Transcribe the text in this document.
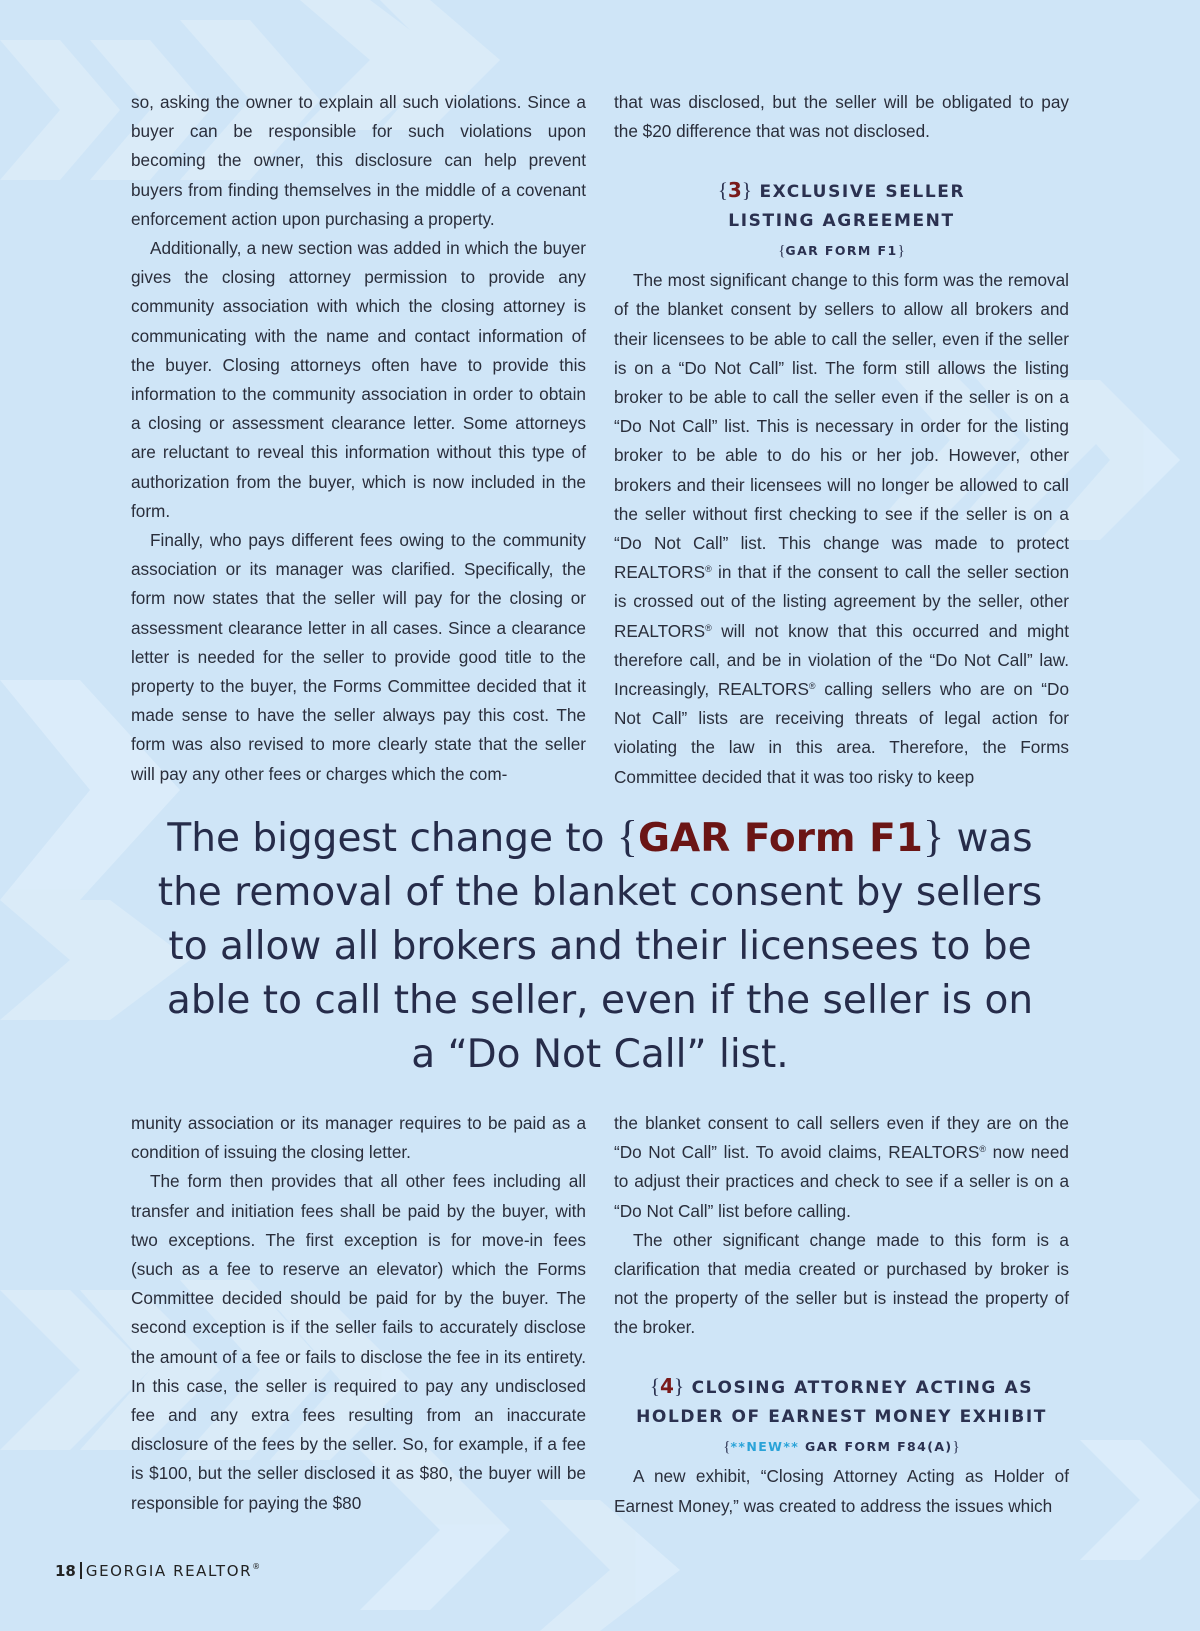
so, asking the owner to explain all such violations. Since a buyer can be responsible for such violations upon becoming the owner, this disclosure can help prevent buyers from finding themselves in the middle of a covenant enforcement action upon purchasing a property.

Additionally, a new section was added in which the buyer gives the closing attorney permission to provide any community association with which the closing attorney is communicating with the name and contact information of the buyer. Closing attorneys often have to provide this information to the community association in order to obtain a closing or assessment clearance letter. Some attorneys are reluctant to reveal this information without this type of authorization from the buyer, which is now included in the form.

Finally, who pays different fees owing to the community association or its manager was clarified. Specifically, the form now states that the seller will pay for the closing or assessment clearance letter in all cases. Since a clearance letter is needed for the seller to provide good title to the property to the buyer, the Forms Committee decided that it made sense to have the seller always pay this cost. The form was also revised to more clearly state that the seller will pay any other fees or charges which the com-

that was disclosed, but the seller will be obligated to pay the $20 difference that was not disclosed.

{3} EXCLUSIVE SELLER
LISTING AGREEMENT
{GAR FORM F1}

The most significant change to this form was the removal of the blanket consent by sellers to allow all brokers and their licensees to be able to call the seller, even if the seller is on a “Do Not Call” list. The form still allows the listing broker to be able to call the seller even if the seller is on a “Do Not Call” list. This is necessary in order for the listing broker to be able to do his or her job. However, other brokers and their licensees will no longer be allowed to call the seller without first checking to see if the seller is on a “Do Not Call” list. This change was made to protect REALTORS® in that if the consent to call the seller section is crossed out of the listing agreement by the seller, other REALTORS® will not know that this occurred and might therefore call, and be in violation of the “Do Not Call” law. Increasingly, REALTORS® calling sellers who are on “Do Not Call” lists are receiving threats of legal action for violating the law in this area. Therefore, the Forms Committee decided that it was too risky to keep

The biggest change to {GAR Form F1} was the removal of the blanket consent by sellers to allow all brokers and their licensees to be able to call the seller, even if the seller is on a “Do Not Call” list.

munity association or its manager requires to be paid as a condition of issuing the closing letter.

The form then provides that all other fees including all transfer and initiation fees shall be paid by the buyer, with two exceptions. The first exception is for move-in fees (such as a fee to reserve an elevator) which the Forms Committee decided should be paid for by the buyer. The second exception is if the seller fails to accurately disclose the amount of a fee or fails to disclose the fee in its entirety. In this case, the seller is required to pay any undisclosed fee and any extra fees resulting from an inaccurate disclosure of the fees by the seller. So, for example, if a fee is $100, but the seller disclosed it as $80, the buyer will be responsible for paying the $80

the blanket consent to call sellers even if they are on the “Do Not Call” list. To avoid claims, REALTORS® now need to adjust their practices and check to see if a seller is on a “Do Not Call” list before calling.

The other significant change made to this form is a clarification that media created or purchased by broker is not the property of the seller but is instead the property of the broker.

{4} CLOSING ATTORNEY ACTING AS
HOLDER OF EARNEST MONEY EXHIBIT
{**NEW** GAR FORM F84(A)}

A new exhibit, “Closing Attorney Acting as Holder of Earnest Money,” was created to address the issues which

18 GEORGIA REALTOR®
